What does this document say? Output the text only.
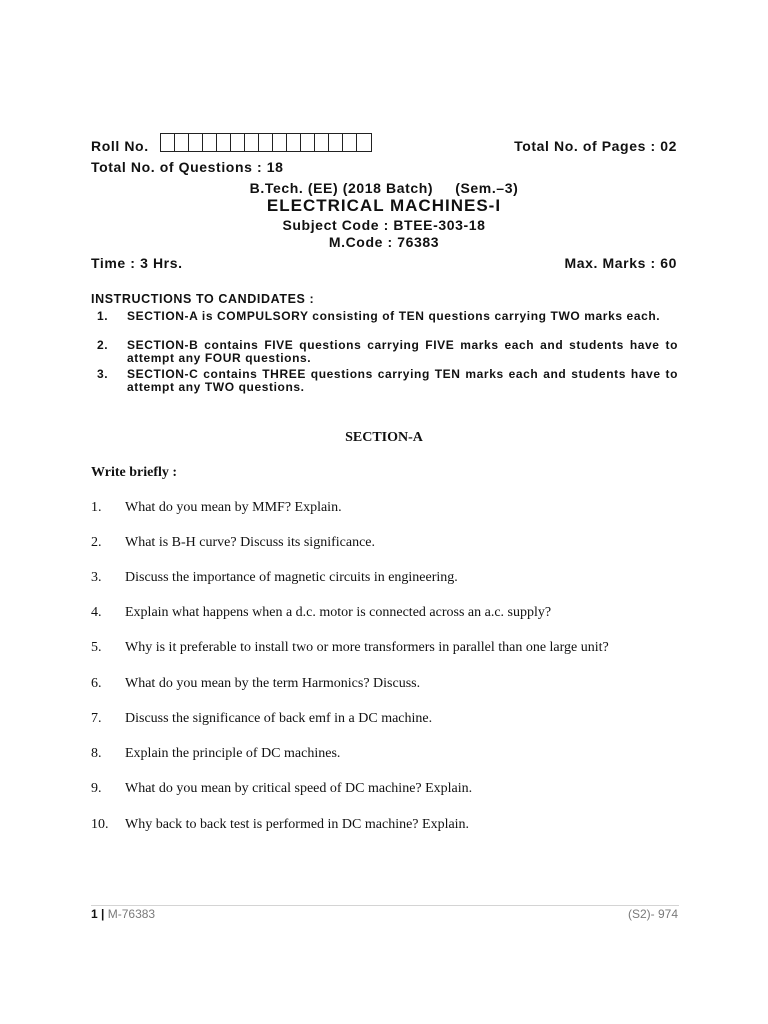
Roll No.	Total No. of Pages : 02
Total No. of Questions : 18
B.Tech. (EE) (2018 Batch) (Sem.–3)
ELECTRICAL MACHINES-I
Subject Code : BTEE-303-18
M.Code : 76383
Time : 3 Hrs.	Max. Marks : 60
INSTRUCTIONS TO CANDIDATES :
1. SECTION-A is COMPULSORY consisting of TEN questions carrying TWO marks each.
2. SECTION-B contains FIVE questions carrying FIVE marks each and students have to attempt any FOUR questions.
3. SECTION-C contains THREE questions carrying TEN marks each and students have to attempt any TWO questions.
SECTION-A
Write briefly :
1. What do you mean by MMF? Explain.
2. What is B-H curve? Discuss its significance.
3. Discuss the importance of magnetic circuits in engineering.
4. Explain what happens when a d.c. motor is connected across an a.c. supply?
5. Why is it preferable to install two or more transformers in parallel than one large unit?
6. What do you mean by the term Harmonics? Discuss.
7. Discuss the significance of back emf in a DC machine.
8. Explain the principle of DC machines.
9. What do you mean by critical speed of DC machine? Explain.
10. Why back to back test is performed in DC machine? Explain.
1 | M-76383	(S2)- 974
